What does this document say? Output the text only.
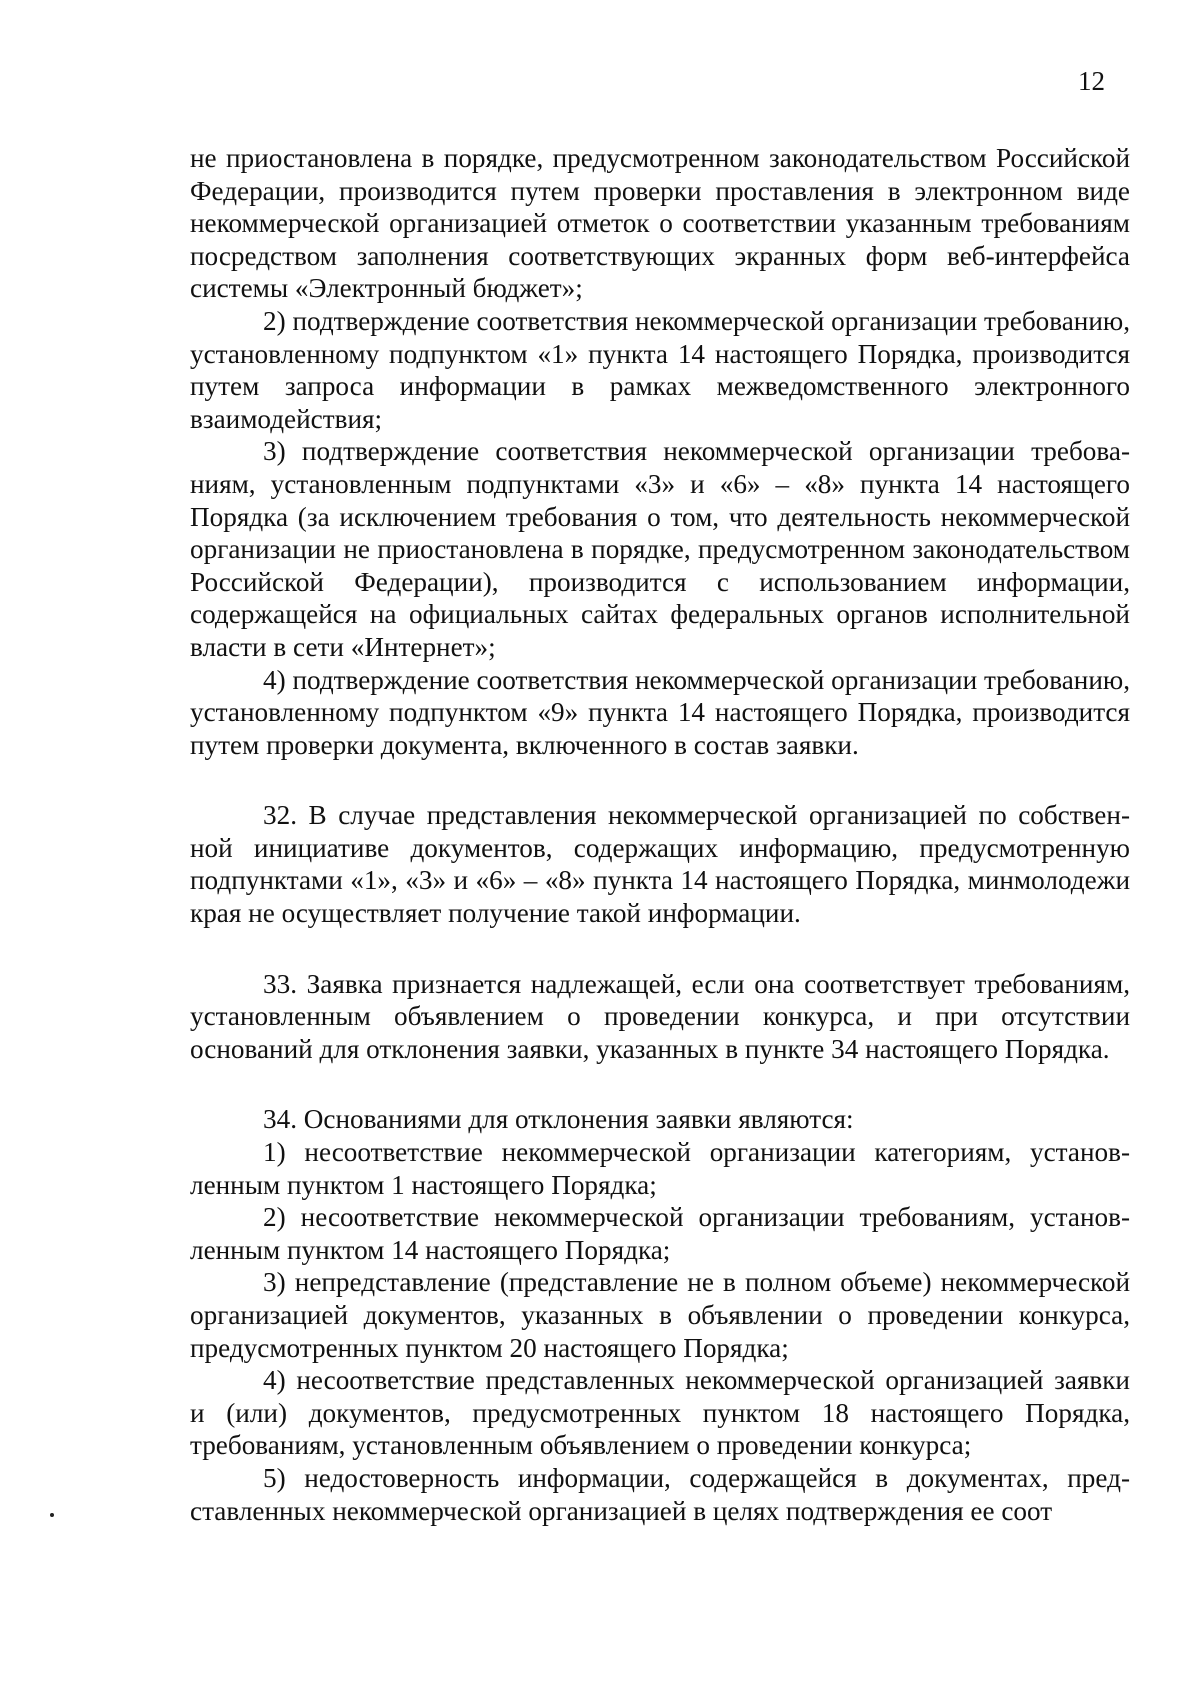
12

не приостановлена в порядке, предусмотренном законодательством Российской Федерации, производится путем проверки проставления в электронном виде некоммерческой организацией отметок о соответствии указанным требованиям посредством заполнения соответствующих экранных форм веб-интерфейса системы «Электронный бюджет»;

2) подтверждение соответствия некоммерческой организации требованию, установленному подпунктом «1» пункта 14 настоящего Порядка, производится путем запроса информации в рамках межведомственного электронного взаимодействия;

3) подтверждение соответствия некоммерческой организации требованиям, установленным подпунктами «3» и «6» – «8» пункта 14 настоящего Порядка (за исключением требования о том, что деятельность некоммерческой организации не приостановлена в порядке, предусмотренном законодательством Российской Федерации), производится с использованием информации, содержащейся на официальных сайтах федеральных органов исполнительной власти в сети «Интернет»;

4) подтверждение соответствия некоммерческой организации требованию, установленному подпунктом «9» пункта 14 настоящего Порядка, производится путем проверки документа, включенного в состав заявки.

32. В случае представления некоммерческой организацией по собственной инициативе документов, содержащих информацию, предусмотренную подпунктами «1», «3» и «6» – «8» пункта 14 настоящего Порядка, минмолодежи края не осуществляет получение такой информации.

33. Заявка признается надлежащей, если она соответствует требованиям, установленным объявлением о проведении конкурса, и при отсутствии оснований для отклонения заявки, указанных в пункте 34 настоящего Порядка.

34. Основаниями для отклонения заявки являются:

1) несоответствие некоммерческой организации категориям, установленным пунктом 1 настоящего Порядка;

2) несоответствие некоммерческой организации требованиям, установленным пунктом 14 настоящего Порядка;

3) непредставление (представление не в полном объеме) некоммерческой организацией документов, указанных в объявлении о проведении конкурса, предусмотренных пунктом 20 настоящего Порядка;

4) несоответствие представленных некоммерческой организацией заявки и (или) документов, предусмотренных пунктом 18 настоящего Порядка, требованиям, установленным объявлением о проведении конкурса;

5) недостоверность информации, содержащейся в документах, представленных некоммерческой организацией в целях подтверждения ее соот
